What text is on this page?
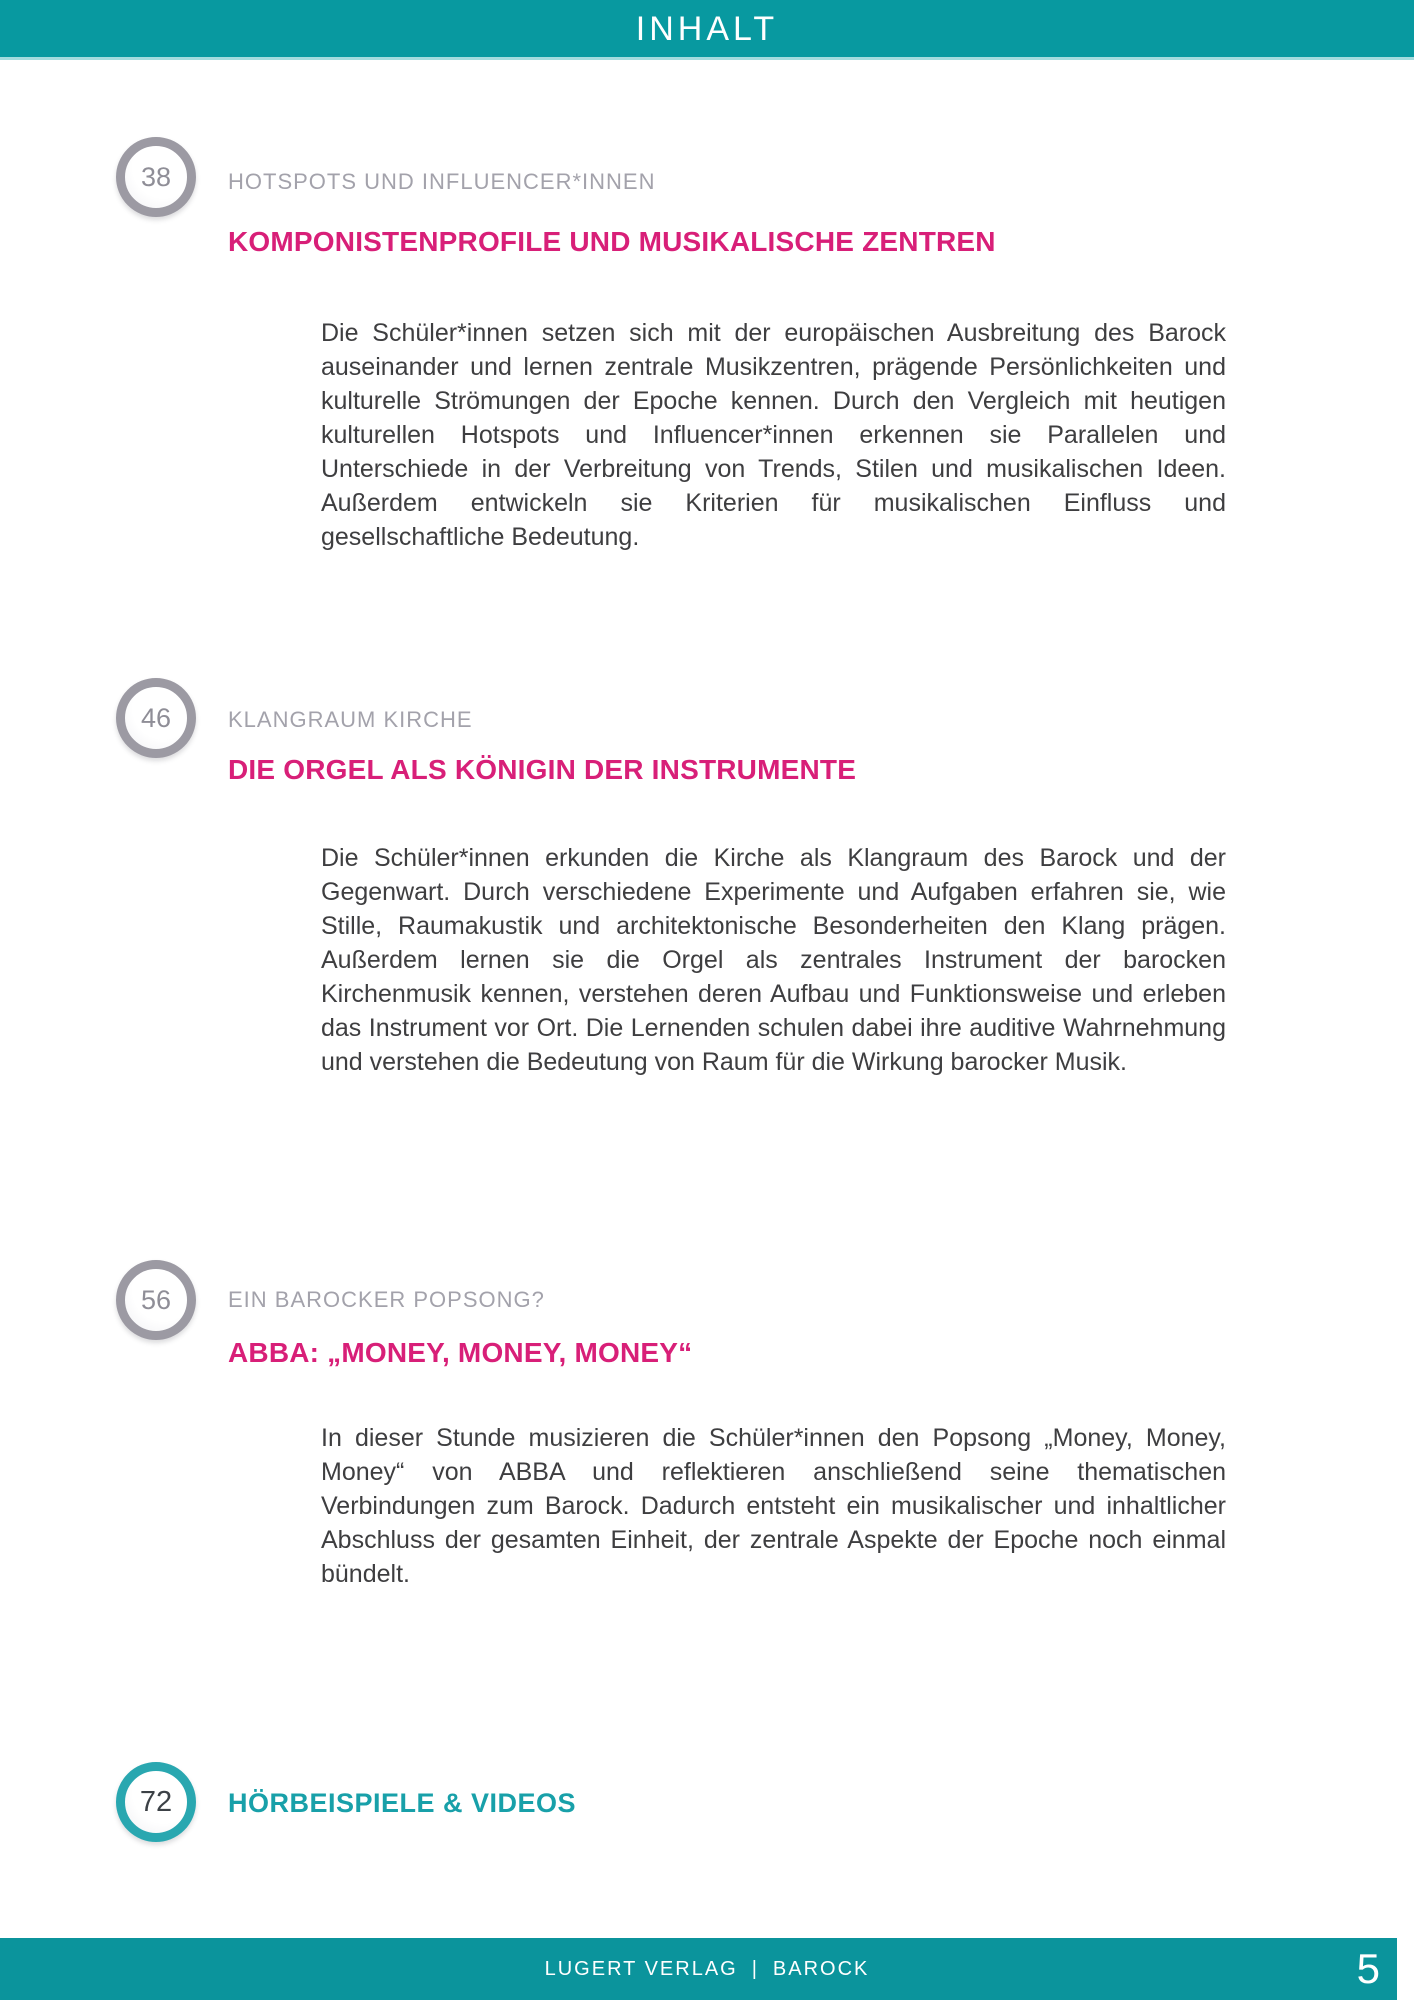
INHALT
38	HOTSPOTS UND INFLUENCER*INNEN
KOMPONISTENPROFILE UND MUSIKALISCHE ZENTREN

Die Schüler*innen setzen sich mit der europäischen Ausbreitung des Barock auseinander und lernen zentrale Musikzentren, prägende Persönlichkeiten und kulturelle Strömungen der Epoche kennen. Durch den Vergleich mit heutigen kulturellen Hotspots und Influencer*innen erkennen sie Parallelen und Unterschiede in der Verbreitung von Trends, Stilen und musikalischen Ideen. Außerdem entwickeln sie Kriterien für musikalischen Einfluss und gesellschaftliche Bedeutung.

46	KLANGRAUM KIRCHE
DIE ORGEL ALS KÖNIGIN DER INSTRUMENTE

Die Schüler*innen erkunden die Kirche als Klangraum des Barock und der Gegenwart. Durch verschiedene Experimente und Aufgaben erfahren sie, wie Stille, Raumakustik und architektonische Besonderheiten den Klang prägen. Außerdem lernen sie die Orgel als zentrales Instrument der barocken Kirchenmusik kennen, verstehen deren Aufbau und Funktionsweise und erleben das Instrument vor Ort. Die Lernenden schulen dabei ihre auditive Wahrnehmung und verstehen die Bedeutung von Raum für die Wirkung barocker Musik.

56	EIN BAROCKER POPSONG?
ABBA: „MONEY, MONEY, MONEY“

In dieser Stunde musizieren die Schüler*innen den Popsong „Money, Money, Money“ von ABBA und reflektieren anschließend seine thematischen Verbindungen zum Barock. Dadurch entsteht ein musikalischer und inhaltlicher Abschluss der gesamten Einheit, der zentrale Aspekte der Epoche noch einmal bündelt.

72 HÖRBEISPIELE & VIDEOS
LUGERT VERLAG | BAROCK	5
